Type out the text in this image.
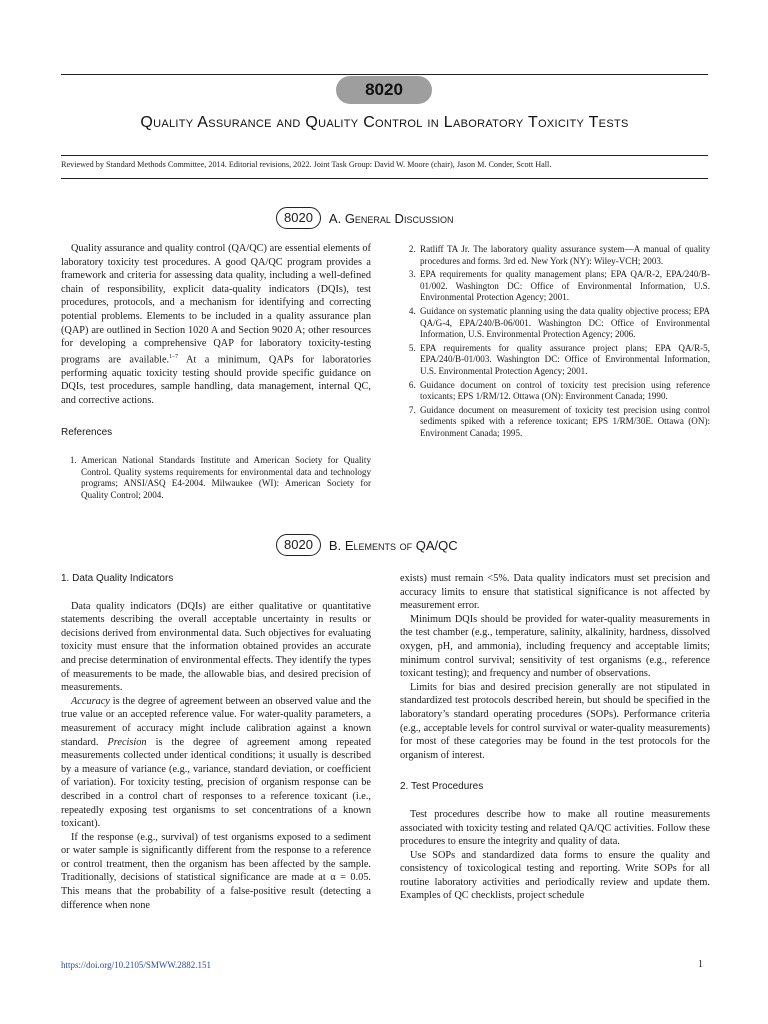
8020
Quality Assurance and Quality Control in Laboratory Toxicity Tests
Reviewed by Standard Methods Committee, 2014. Editorial revisions, 2022. Joint Task Group: David W. Moore (chair), Jason M. Conder, Scott Hall.
8020	A. General Discussion

Quality assurance and quality control (QA/QC) are essential elements of laboratory toxicity test procedures. A good QA/QC program provides a framework and criteria for assessing data quality, including a well-defined chain of responsibility, explicit data-quality indicators (DQIs), test procedures, protocols, and a mechanism for identifying and correcting potential problems. Elements to be included in a quality assurance plan (QAP) are outlined in Section 1020 A and Section 9020 A; other resources for developing a comprehensive QAP for laboratory toxicity-testing programs are available.$^{1-7}$ At a minimum, QAPs for laboratories performing aquatic toxicity testing should provide specific guidance on DQIs, test procedures, sample handling, data management, internal QC, and corrective actions.

References

1. American National Standards Institute and American Society for Quality Control. Quality systems requirements for environmental data and technology programs; ANSI/ASQ E4-2004. Milwaukee (WI): American Society for Quality Control; 2004.
2. Ratliff TA Jr. The laboratory quality assurance system—A manual of quality procedures and forms. 3rd ed. New York (NY): Wiley-VCH; 2003.
3. EPA requirements for quality management plans; EPA QA/R-2, EPA/240/B-01/002. Washington DC: Office of Environmental Information, U.S. Environmental Protection Agency; 2001.
4. Guidance on systematic planning using the data quality objective process; EPA QA/G-4, EPA/240/B-06/001. Washington DC: Office of Environmental Information, U.S. Environmental Protection Agency; 2006.
5. EPA requirements for quality assurance project plans; EPA QA/R-5, EPA/240/B-01/003. Washington DC: Office of Environmental Information, U.S. Environmental Protection Agency; 2001.
6. Guidance document on control of toxicity test precision using reference toxicants; EPS 1/RM/12. Ottawa (ON): Environment Canada; 1990.
7. Guidance document on measurement of toxicity test precision using control sediments spiked with a reference toxicant; EPS 1/RM/30E. Ottawa (ON): Environment Canada; 1995.
8020	B. Elements of QA/QC

1. Data Quality Indicators

Data quality indicators (DQIs) are either qualitative or quantitative statements describing the overall acceptable uncertainty in results or decisions derived from environmental data. Such objectives for evaluating toxicity must ensure that the information obtained provides an accurate and precise determination of environmental effects. They identify the types of measurements to be made, the allowable bias, and desired precision of measurements.

Accuracy is the degree of agreement between an observed value and the true value or an accepted reference value. For water-quality parameters, a measurement of accuracy might include calibration against a known standard. Precision is the degree of agreement among repeated measurements collected under identical conditions; it usually is described by a measure of variance (e.g., variance, standard deviation, or coefficient of variation). For toxicity testing, precision of organism response can be described in a control chart of responses to a reference toxicant (i.e., repeatedly exposing test organisms to set concentrations of a known toxicant).

If the response (e.g., survival) of test organisms exposed to a sediment or water sample is significantly different from the response to a reference or control treatment, then the organism has been affected by the sample. Traditionally, decisions of statistical significance are made at α = 0.05. This means that the probability of a false-positive result (detecting a difference when none

exists) must remain <5%. Data quality indicators must set precision and accuracy limits to ensure that statistical significance is not affected by measurement error.

Minimum DQIs should be provided for water-quality measurements in the test chamber (e.g., temperature, salinity, alkalinity, hardness, dissolved oxygen, pH, and ammonia), including frequency and acceptable limits; minimum control survival; sensitivity of test organisms (e.g., reference toxicant testing); and frequency and number of observations.

Limits for bias and desired precision generally are not stipulated in standardized test protocols described herein, but should be specified in the laboratory’s standard operating procedures (SOPs). Performance criteria (e.g., acceptable levels for control survival or water-quality measurements) for most of these categories may be found in the test protocols for the organism of interest.

2. Test Procedures

Test procedures describe how to make all routine measurements associated with toxicity testing and related QA/QC activities. Follow these procedures to ensure the integrity and quality of data.

Use SOPs and standardized data forms to ensure the quality and consistency of toxicological testing and reporting. Write SOPs for all routine laboratory activities and periodically review and update them. Examples of QC checklists, project schedule

https://doi.org/10.2105/SMWW.2882.151	1
